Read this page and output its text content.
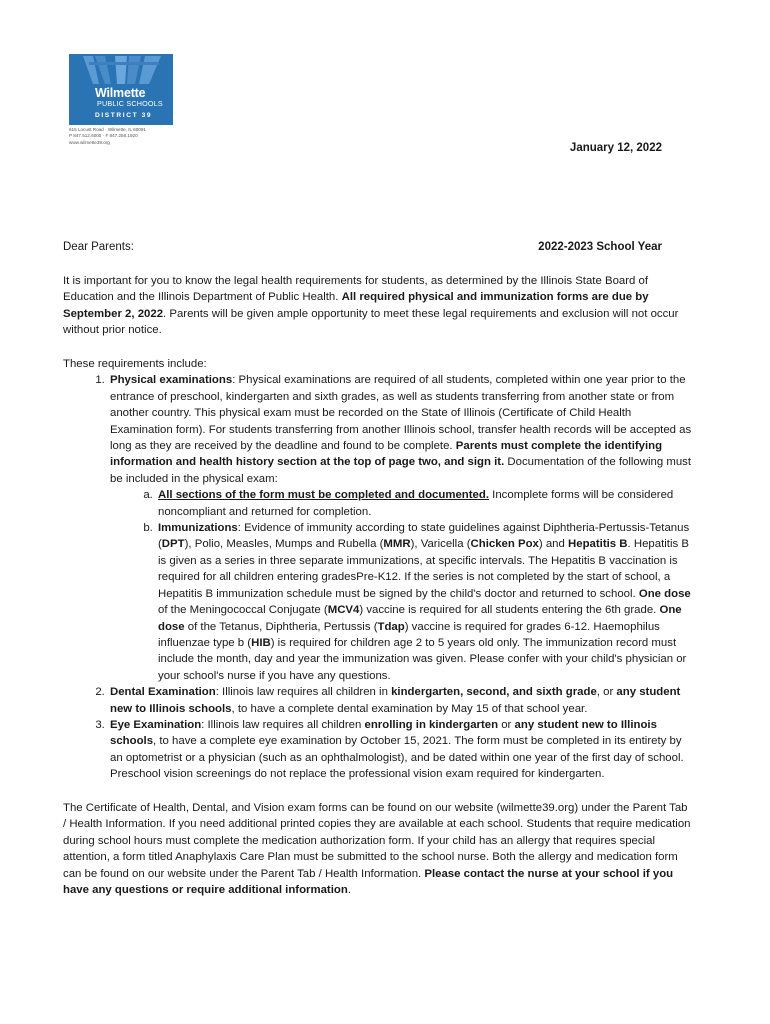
Wilmette
PUBLIC SCHOOLS
DISTRICT 39
615 Locust Road · Wilmette, IL 60091
P 847.512.6000 · F 847.256.1920
www.wilmette39.org	January 12, 2022
Dear Parents:	2022-2023 School Year

It is important for you to know the legal health requirements for students, as determined by the Illinois State Board of Education and the Illinois Department of Public Health. All required physical and immunization forms are due by September 2, 2022. Parents will be given ample opportunity to meet these legal requirements and exclusion will not occur without prior notice.

These requirements include:

1. Physical examinations: Physical examinations are required of all students, completed within one year prior to the entrance of preschool, kindergarten and sixth grades, as well as students transferring from another state or from another country. This physical exam must be recorded on the State of Illinois (Certificate of Child Health Examination form). For students transferring from another Illinois school, transfer health records will be accepted as long as they are received by the deadline and found to be complete. Parents must complete the identifying information and health history section at the top of page two, and sign it. Documentation of the following must be included in the physical exam:
a. All sections of the form must be completed and documented. Incomplete forms will be considered noncompliant and returned for completion.
b. Immunizations: Evidence of immunity according to state guidelines against Diphtheria-Pertussis-Tetanus (DPT), Polio, Measles, Mumps and Rubella (MMR), Varicella (Chicken Pox) and Hepatitis B. Hepatitis B is given as a series in three separate immunizations, at specific intervals. The Hepatitis B vaccination is required for all children entering gradesPre-K12. If the series is not completed by the start of school, a Hepatitis B immunization schedule must be signed by the child's doctor and returned to school. One dose of the Meningococcal Conjugate (MCV4) vaccine is required for all students entering the 6th grade. One dose of the Tetanus, Diphtheria, Pertussis (Tdap) vaccine is required for grades 6-12. Haemophilus influenzae type b (HIB) is required for children age 2 to 5 years old only. The immunization record must include the month, day and year the immunization was given. Please confer with your child's physician or your school's nurse if you have any questions.
2. Dental Examination: Illinois law requires all children in kindergarten, second, and sixth grade, or any student new to Illinois schools, to have a complete dental examination by May 15 of that school year.
3. Eye Examination: Illinois law requires all children enrolling in kindergarten or any student new to Illinois schools, to have a complete eye examination by October 15, 2021. The form must be completed in its entirety by an optometrist or a physician (such as an ophthalmologist), and be dated within one year of the first day of school. Preschool vision screenings do not replace the professional vision exam required for kindergarten.

The Certificate of Health, Dental, and Vision exam forms can be found on our website (wilmette39.org) under the Parent Tab / Health Information. If you need additional printed copies they are available at each school. Students that require medication during school hours must complete the medication authorization form. If your child has an allergy that requires special attention, a form titled Anaphylaxis Care Plan must be submitted to the school nurse. Both the allergy and medication form can be found on our website under the Parent Tab / Health Information. Please contact the nurse at your school if you have any questions or require additional information.
